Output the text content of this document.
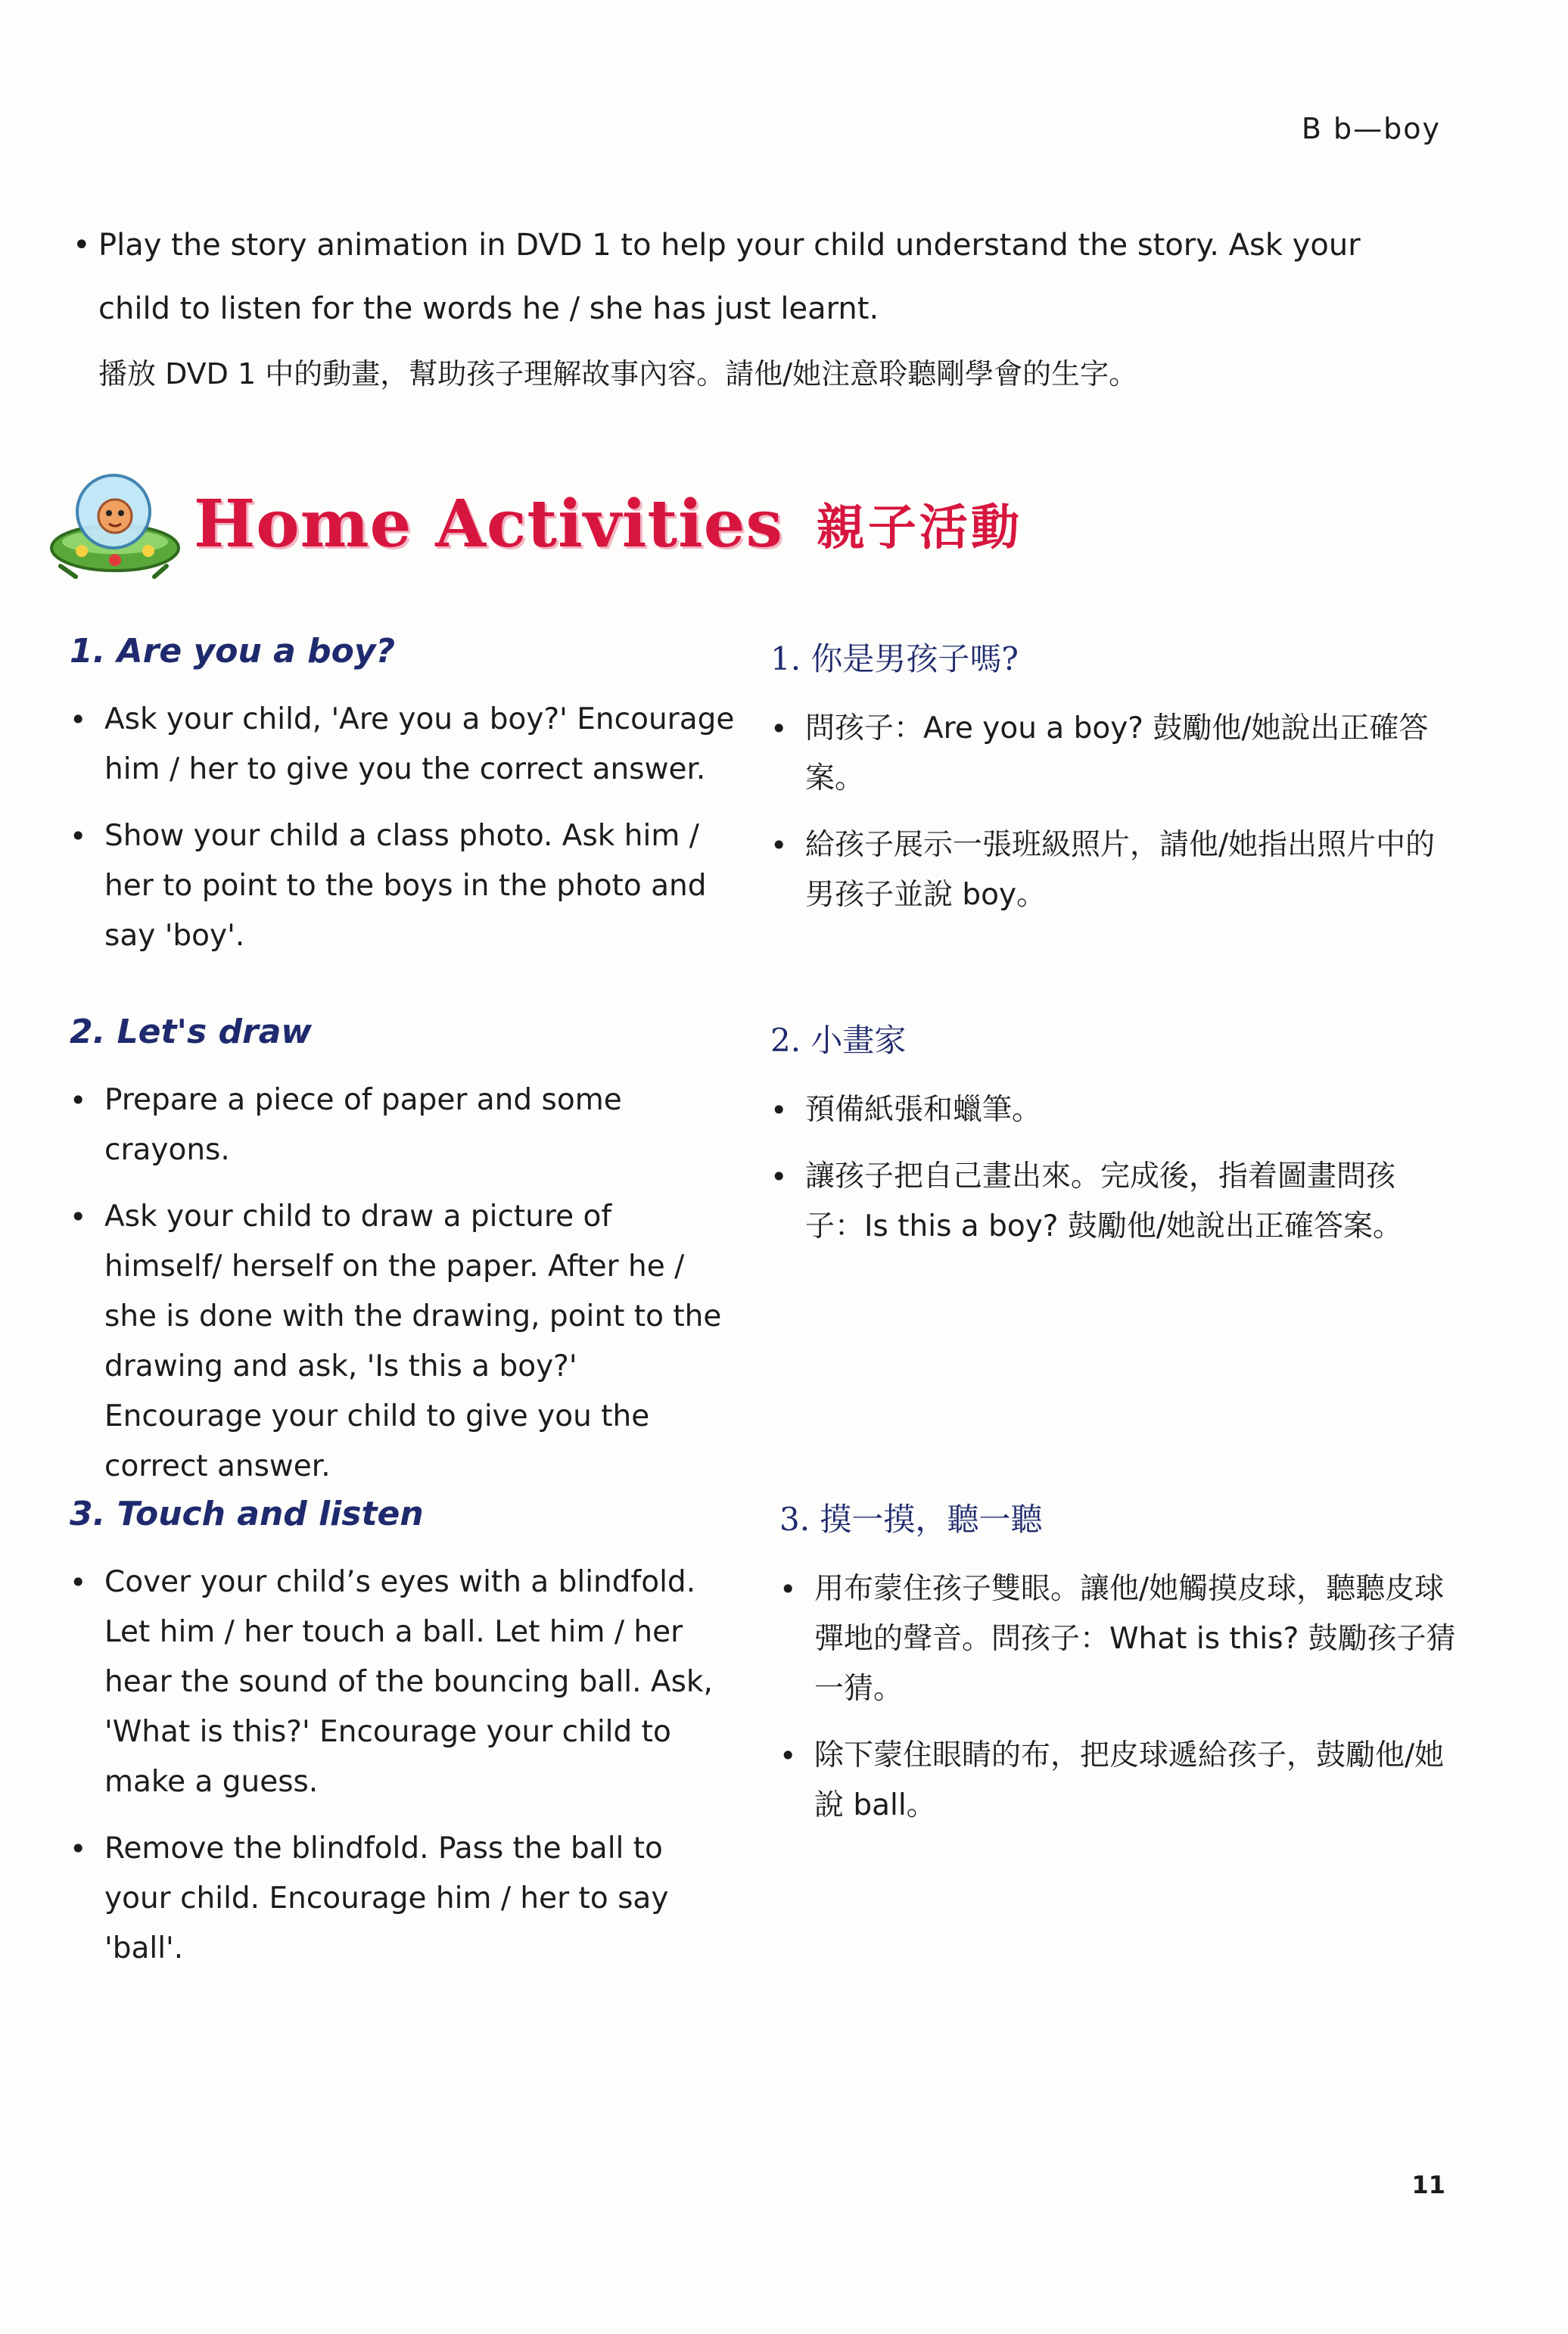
B b—boy
• Play the story animation in DVD 1 to help your child understand the story. Ask your child to listen for the words he / she has just learnt.
播放 DVD 1 中的動畫，幫助孩子理解故事內容。請他/她注意聆聽剛學會的生字。
Home Activities 親子活動
1. Are you a boy?
• Ask your child, 'Are you a boy?' Encourage him / her to give you the correct answer.
• Show your child a class photo. Ask him / her to point to the boys in the photo and say 'boy'.
1. 你是男孩子嗎?
• 問孩子：Are you a boy? 鼓勵他/她說出正確答案。
• 給孩子展示一張班級照片，請他/她指出照片中的男孩子並說 boy。
2. Let's draw
• Prepare a piece of paper and some crayons.
• Ask your child to draw a picture of himself/ herself on the paper. After he / she is done with the drawing, point to the drawing and ask, 'Is this a boy?' Encourage your child to give you the correct answer.
2. 小畫家
• 預備紙張和蠟筆。
• 讓孩子把自己畫出來。完成後，指着圖畫問孩子：Is this a boy? 鼓勵他/她說出正確答案。
3. Touch and listen
• Cover your child’s eyes with a blindfold. Let him / her touch a ball. Let him / her hear the sound of the bouncing ball. Ask, 'What is this?' Encourage your child to make a guess.
• Remove the blindfold. Pass the ball to your child. Encourage him / her to say 'ball'.
3. 摸一摸，聽一聽
• 用布蒙住孩子雙眼。讓他/她觸摸皮球，聽聽皮球彈地的聲音。問孩子：What is this? 鼓勵孩子猜一猜。
• 除下蒙住眼睛的布，把皮球遞給孩子，鼓勵他/她說 ball。
11
